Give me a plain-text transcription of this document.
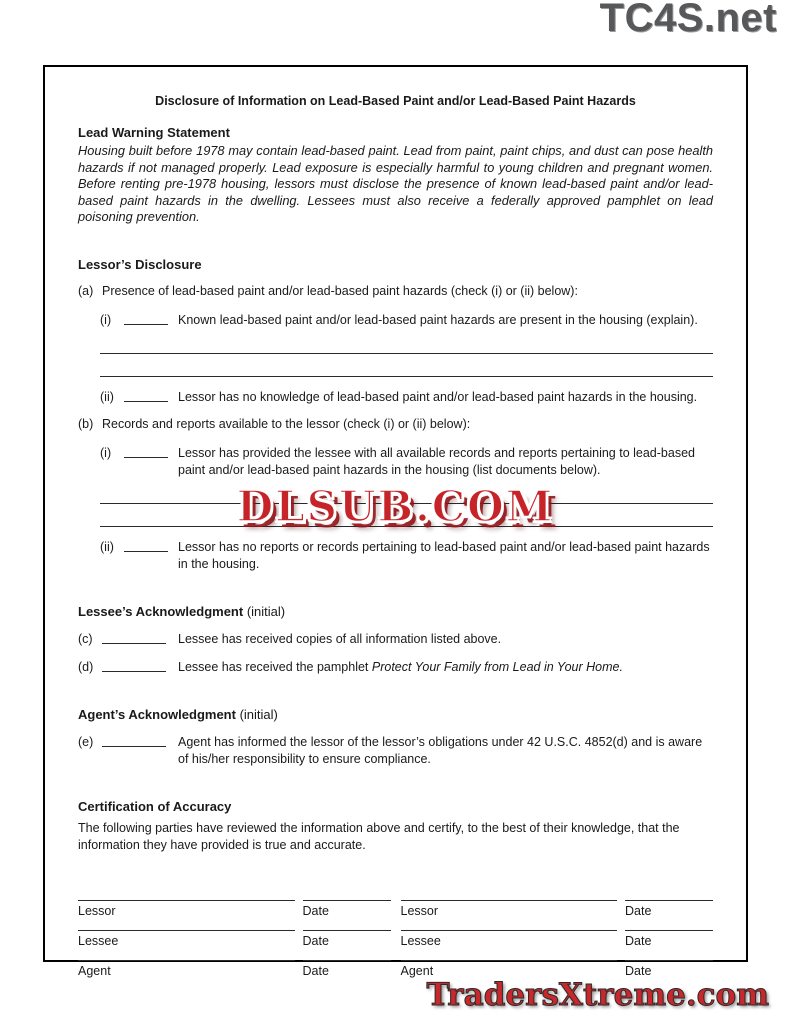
TC4S.net
Disclosure of Information on Lead-Based Paint and/or Lead-Based Paint Hazards
Lead Warning Statement
Housing built before 1978 may contain lead-based paint. Lead from paint, paint chips, and dust can pose health hazards if not managed properly. Lead exposure is especially harmful to young children and pregnant women. Before renting pre-1978 housing, lessors must disclose the presence of known lead-based paint and/or lead-based paint hazards in the dwelling. Lessees must also receive a federally approved pamphlet on lead poisoning prevention.
Lessor’s Disclosure
(a) Presence of lead-based paint and/or lead-based paint hazards (check (i) or (ii) below):
(i)	Known lead-based paint and/or lead-based paint hazards are present in the housing (explain).
(ii)	Lessor has no knowledge of lead-based paint and/or lead-based paint hazards in the housing.
(b) Records and reports available to the lessor (check (i) or (ii) below):
(i)	Lessor has provided the lessee with all available records and reports pertaining to lead-based paint and/or lead-based paint hazards in the housing (list documents below).
(ii)	Lessor has no reports or records pertaining to lead-based paint and/or lead-based paint hazards in the housing.
Lessee’s Acknowledgment (initial)
(c)	Lessee has received copies of all information listed above.
(d)	Lessee has received the pamphlet Protect Your Family from Lead in Your Home.
Agent’s Acknowledgment (initial)
(e)	Agent has informed the lessor of the lessor’s obligations under 42 U.S.C. 4852(d) and is aware of his/her responsibility to ensure compliance.
Certification of Accuracy
The following parties have reviewed the information above and certify, to the best of their knowledge, that the information they have provided is true and accurate.
Lessor	Date	Lessor	Date
Lessee	Date	Lessee	Date
Agent	Date	Agent	Date
DLSUB.COM
TradersXtreme.com
